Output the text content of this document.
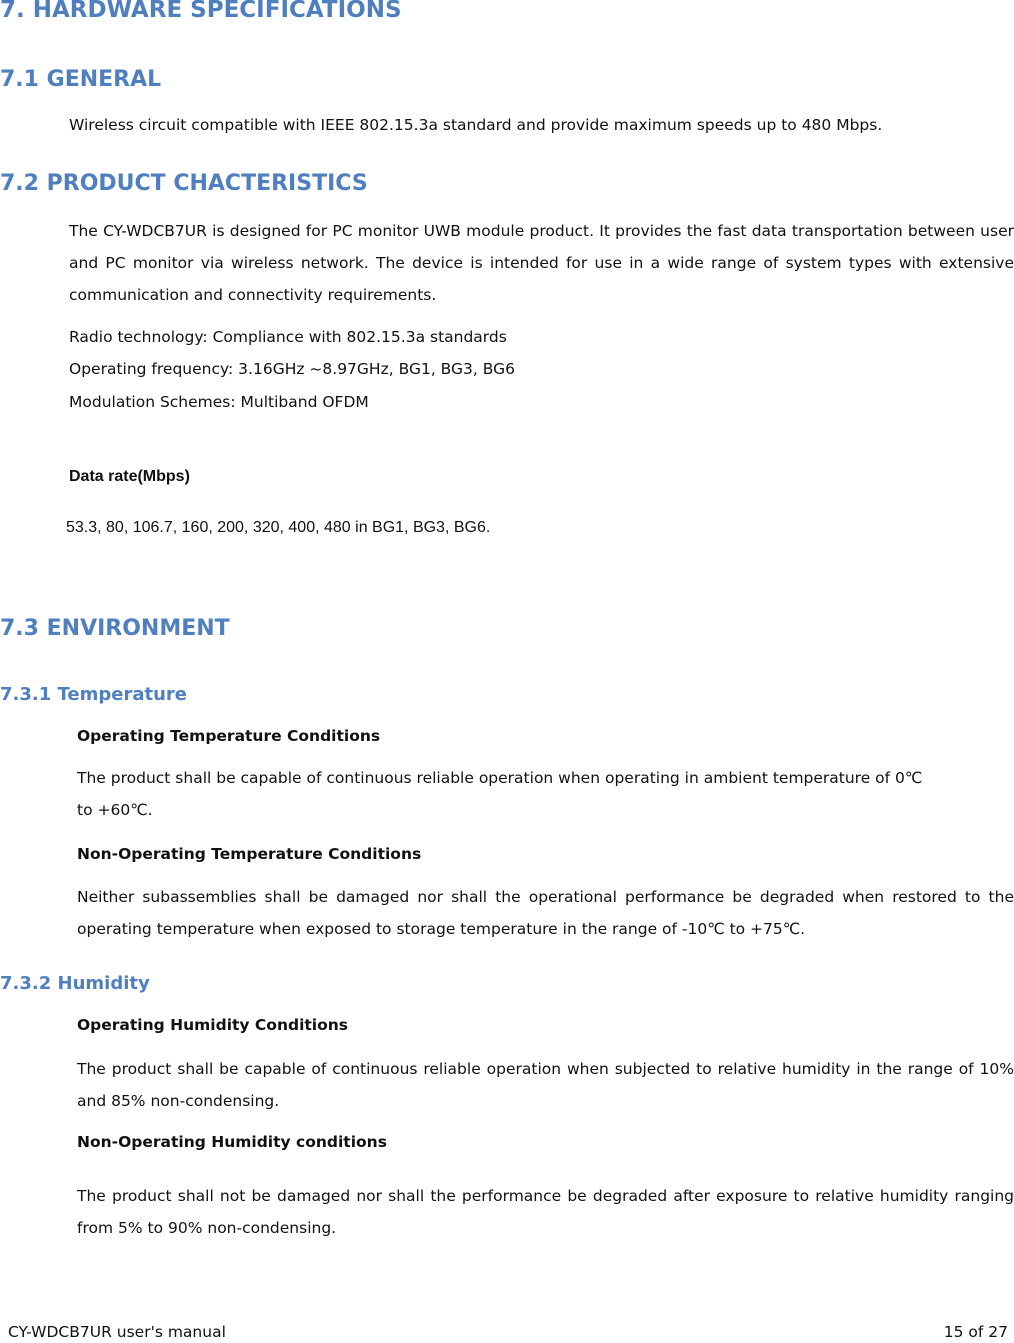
7. HARDWARE SPECIFICATIONS
7.1 GENERAL
Wireless circuit compatible with IEEE 802.15.3a standard and provide maximum speeds up to 480 Mbps.
7.2 PRODUCT CHACTERISTICS
The CY-WDCB7UR is designed for PC monitor UWB module product. It provides the fast data transportation between user and PC monitor via wireless network. The device is intended for use in a wide range of system types with extensive communication and connectivity requirements.
Radio technology: Compliance with 802.15.3a standards
Operating frequency: 3.16GHz ~8.97GHz, BG1, BG3, BG6
Modulation Schemes: Multiband OFDM
Data rate(Mbps)
53.3, 80, 106.7, 160, 200, 320, 400, 480 in BG1, BG3, BG6.
7.3 ENVIRONMENT
7.3.1 Temperature
Operating Temperature Conditions
The product shall be capable of continuous reliable operation when operating in ambient temperature of 0℃
to +60℃.
Non-Operating Temperature Conditions
Neither subassemblies shall be damaged nor shall the operational performance be degraded when restored to the operating temperature when exposed to storage temperature in the range of -10℃ to +75℃.
7.3.2 Humidity
Operating Humidity Conditions
The product shall be capable of continuous reliable operation when subjected to relative humidity in the range of 10% and 85% non-condensing.
Non-Operating Humidity conditions
The product shall not be damaged nor shall the performance be degraded after exposure to relative humidity ranging from 5% to 90% non-condensing.
CY-WDCB7UR user's manual	15 of 27
